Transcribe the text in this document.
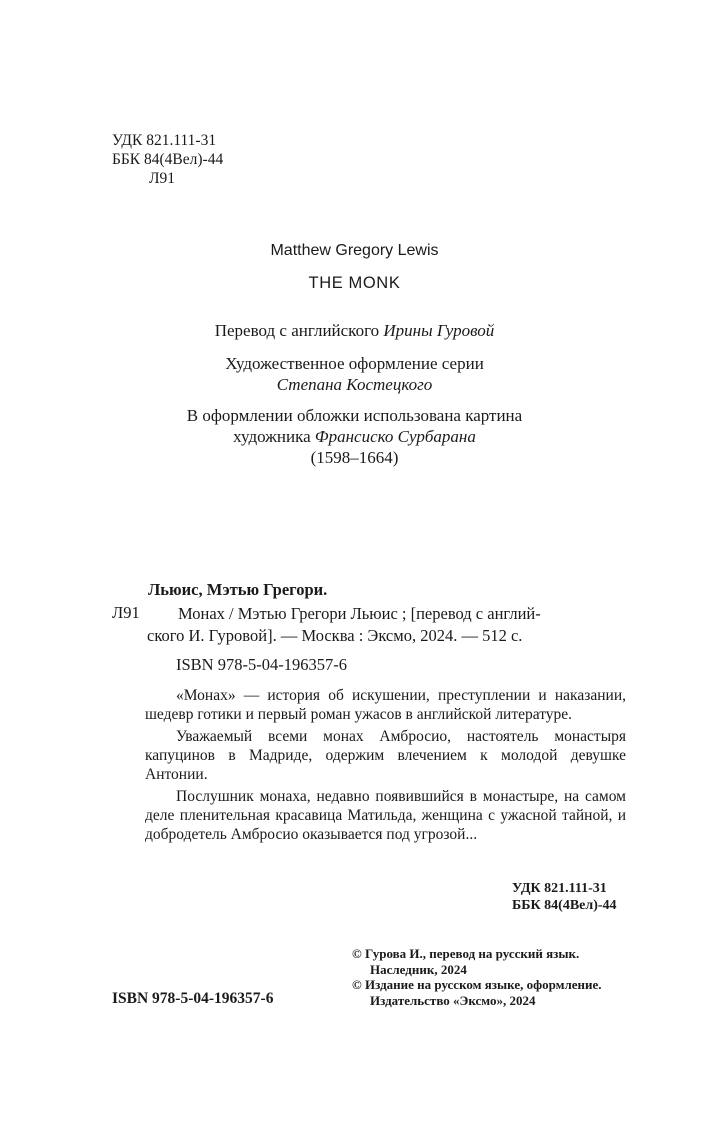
УДК 821.111-31
ББК 84(4Вел)-44
Л91
Matthew Gregory Lewis
THE MONK
Перевод с английского Ирины Гуровой
Художественное оформление серии
Степана Костецкого
В оформлении обложки использована картина
художника Франсиско Сурбарана
(1598–1664)
Льюис, Мэтью Грегори.
Л91 Монах / Мэтью Грегори Льюис ; [перевод с англий-
ского И. Гуровой]. — Москва : Эксмо, 2024. — 512 с.
ISBN 978-5-04-196357-6

«Монах» — история об искушении, преступлении и наказании, шедевр готики и первый роман ужасов в английской литературе.

Уважаемый всеми монах Амбросио, настоятель монастыря капуцинов в Мадриде, одержим влечением к молодой девушке Антонии.

Послушник монаха, недавно появившийся в монастыре, на самом деле пленительная красавица Матильда, женщина с ужасной тайной, и добродетель Амбросио оказывается под угрозой...

УДК 821.111-31
ББК 84(4Вел)-44
© Гурова И., перевод на русский язык.
Наследник, 2024
© Издание на русском языке, оформление.
Издательство «Эксмо», 2024
ISBN 978-5-04-196357-6
